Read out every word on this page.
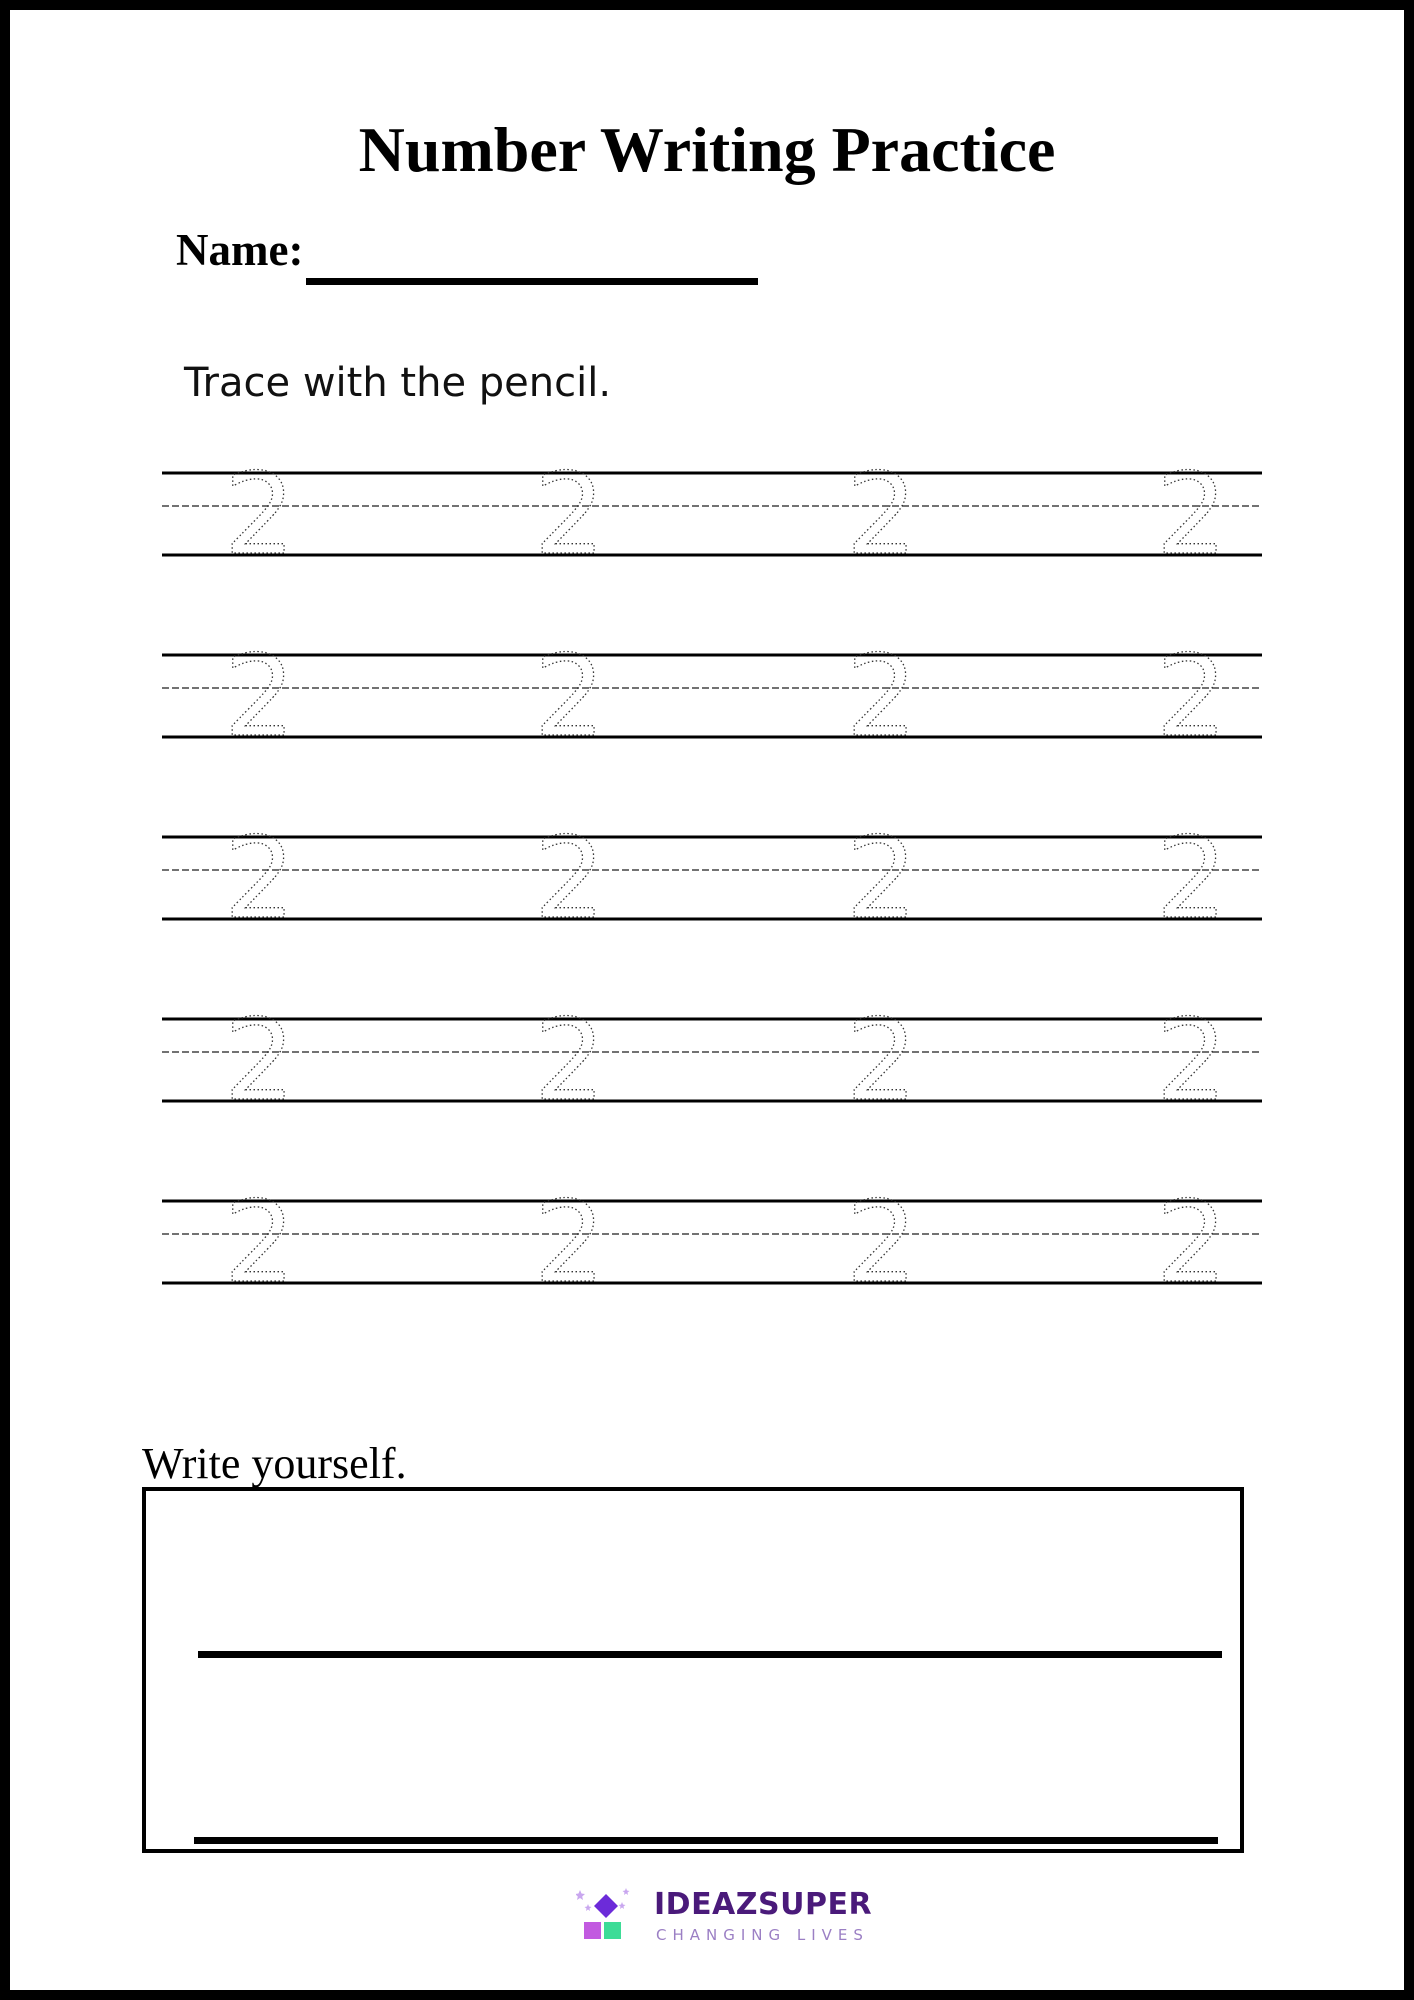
Number Writing Practice
Name:
Trace with the pencil.
2 2 2 2
2 2 2 2
2 2 2 2
2 2 2 2
2 2 2 2
Write yourself.
IDEAZSUPER
CHANGING LIVES
